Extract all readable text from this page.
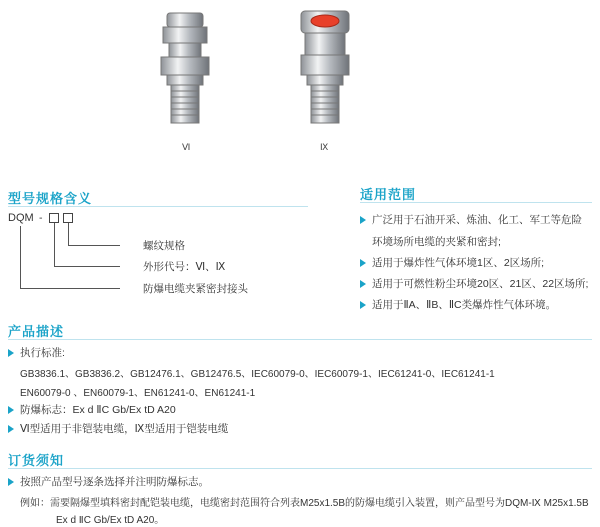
Ⅵ	Ⅸ
型号规格含义
DQM -
螺纹规格
外形代号：Ⅵ、Ⅸ
防爆电缆夹紧密封接头
适用范围
广泛用于石油开采、炼油、化工、军工等危险
环境场所电缆的夹紧和密封;
适用于爆炸性气体环境1区、2区场所;
适用于可燃性粉尘环境20区、21区、22区场所;
适用于ⅡA、ⅡB、ⅡC类爆炸性气体环境。
产品描述
执行标准:
GB3836.1、GB3836.2、GB12476.1、GB12476.5、IEC60079-0、IEC60079-1、IEC61241-0、IEC61241-1
EN60079-0 、EN60079-1、EN61241-0、EN61241-1
防爆标志：Ex d ⅡC Gb/Ex tD A20
Ⅵ型适用于非铠装电缆，Ⅸ型适用于铠装电缆
订货须知
按照产品型号逐条选择并注明防爆标志。
例如：需要隔爆型填料密封配铠装电缆，电缆密封范围符合列表M25x1.5B的防爆电缆引入装置，则产品型号为DQM-Ⅸ M25x1.5B
Ex d ⅡC Gb/Ex tD A20。
